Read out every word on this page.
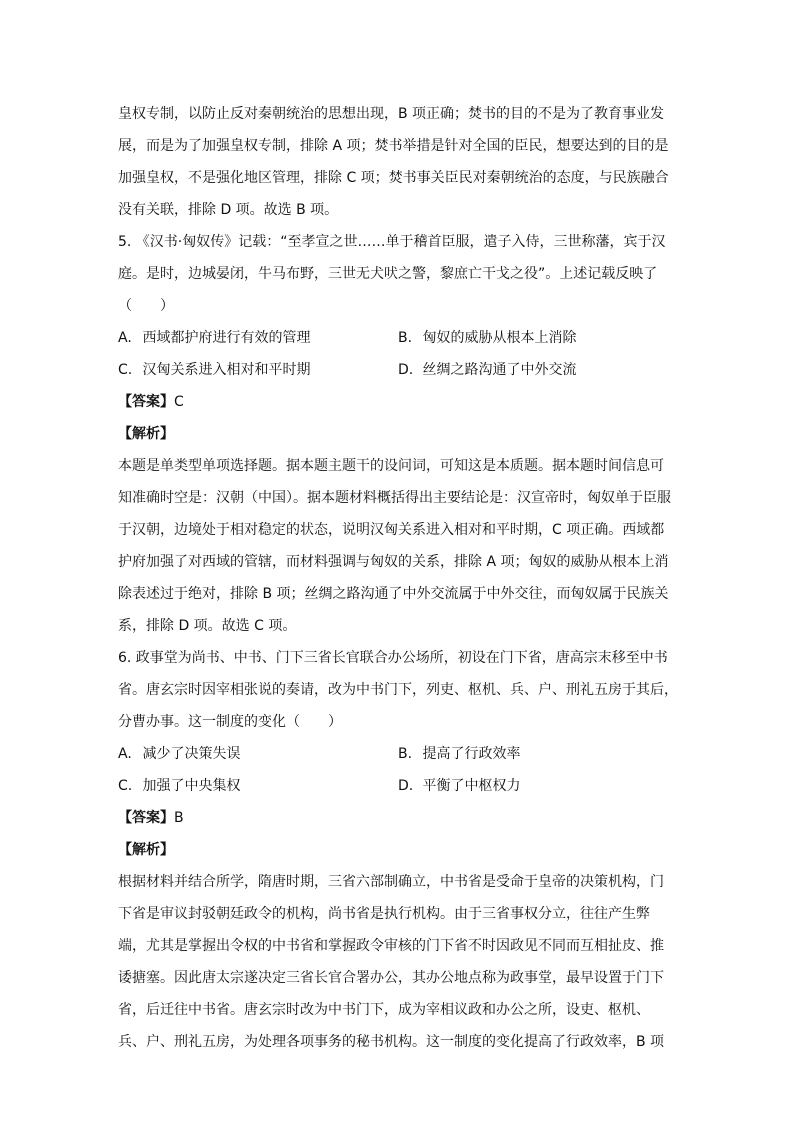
皇权专制，以防止反对秦朝统治的思想出现，B 项正确；焚书的目的不是为了教育事业发
展，而是为了加强皇权专制，排除 A 项；焚书举措是针对全国的臣民，想要达到的目的是
加强皇权，不是强化地区管理，排除 C 项；焚书事关臣民对秦朝统治的态度，与民族融合
没有关联，排除 D 项。故选 B 项。
5. 《汉书·匈奴传》记载：“至孝宣之世……单于稽首臣服，遣子入侍，三世称藩，宾于汉
庭。是时，边城晏闭，牛马布野，三世无犬吠之警，黎庶亡干戈之役”。上述记载反映了
（　　）
A. 西域都护府进行有效的管理	B. 匈奴的威胁从根本上消除
C. 汉匈关系进入相对和平时期	D. 丝绸之路沟通了中外交流
【答案】C
【解析】
本题是单类型单项选择题。据本题主题干的设问词，可知这是本质题。据本题时间信息可
知准确时空是：汉朝（中国）。据本题材料概括得出主要结论是：汉宣帝时，匈奴单于臣服
于汉朝，边境处于相对稳定的状态，说明汉匈关系进入相对和平时期，C 项正确。西域都
护府加强了对西域的管辖，而材料强调与匈奴的关系，排除 A 项；匈奴的威胁从根本上消
除表述过于绝对，排除 B 项；丝绸之路沟通了中外交流属于中外交往，而匈奴属于民族关
系，排除 D 项。故选 C 项。
6. 政事堂为尚书、中书、门下三省长官联合办公场所，初设在门下省，唐高宗末移至中书
省。唐玄宗时因宰相张说的奏请，改为中书门下，列吏、枢机、兵、户、刑礼五房于其后，
分曹办事。这一制度的变化（　　）
A. 减少了决策失误	B. 提高了行政效率
C. 加强了中央集权	D. 平衡了中枢权力
【答案】B
【解析】
根据材料并结合所学，隋唐时期，三省六部制确立，中书省是受命于皇帝的决策机构，门
下省是审议封驳朝廷政令的机构，尚书省是执行机构。由于三省事权分立，往往产生弊
端，尤其是掌握出令权的中书省和掌握政令审核的门下省不时因政见不同而互相扯皮、推
诿搪塞。因此唐太宗遂决定三省长官合署办公，其办公地点称为政事堂，最早设置于门下
省，后迁往中书省。唐玄宗时改为中书门下，成为宰相议政和办公之所，设吏、枢机、
兵、户、刑礼五房，为处理各项事务的秘书机构。这一制度的变化提高了行政效率，B 项
